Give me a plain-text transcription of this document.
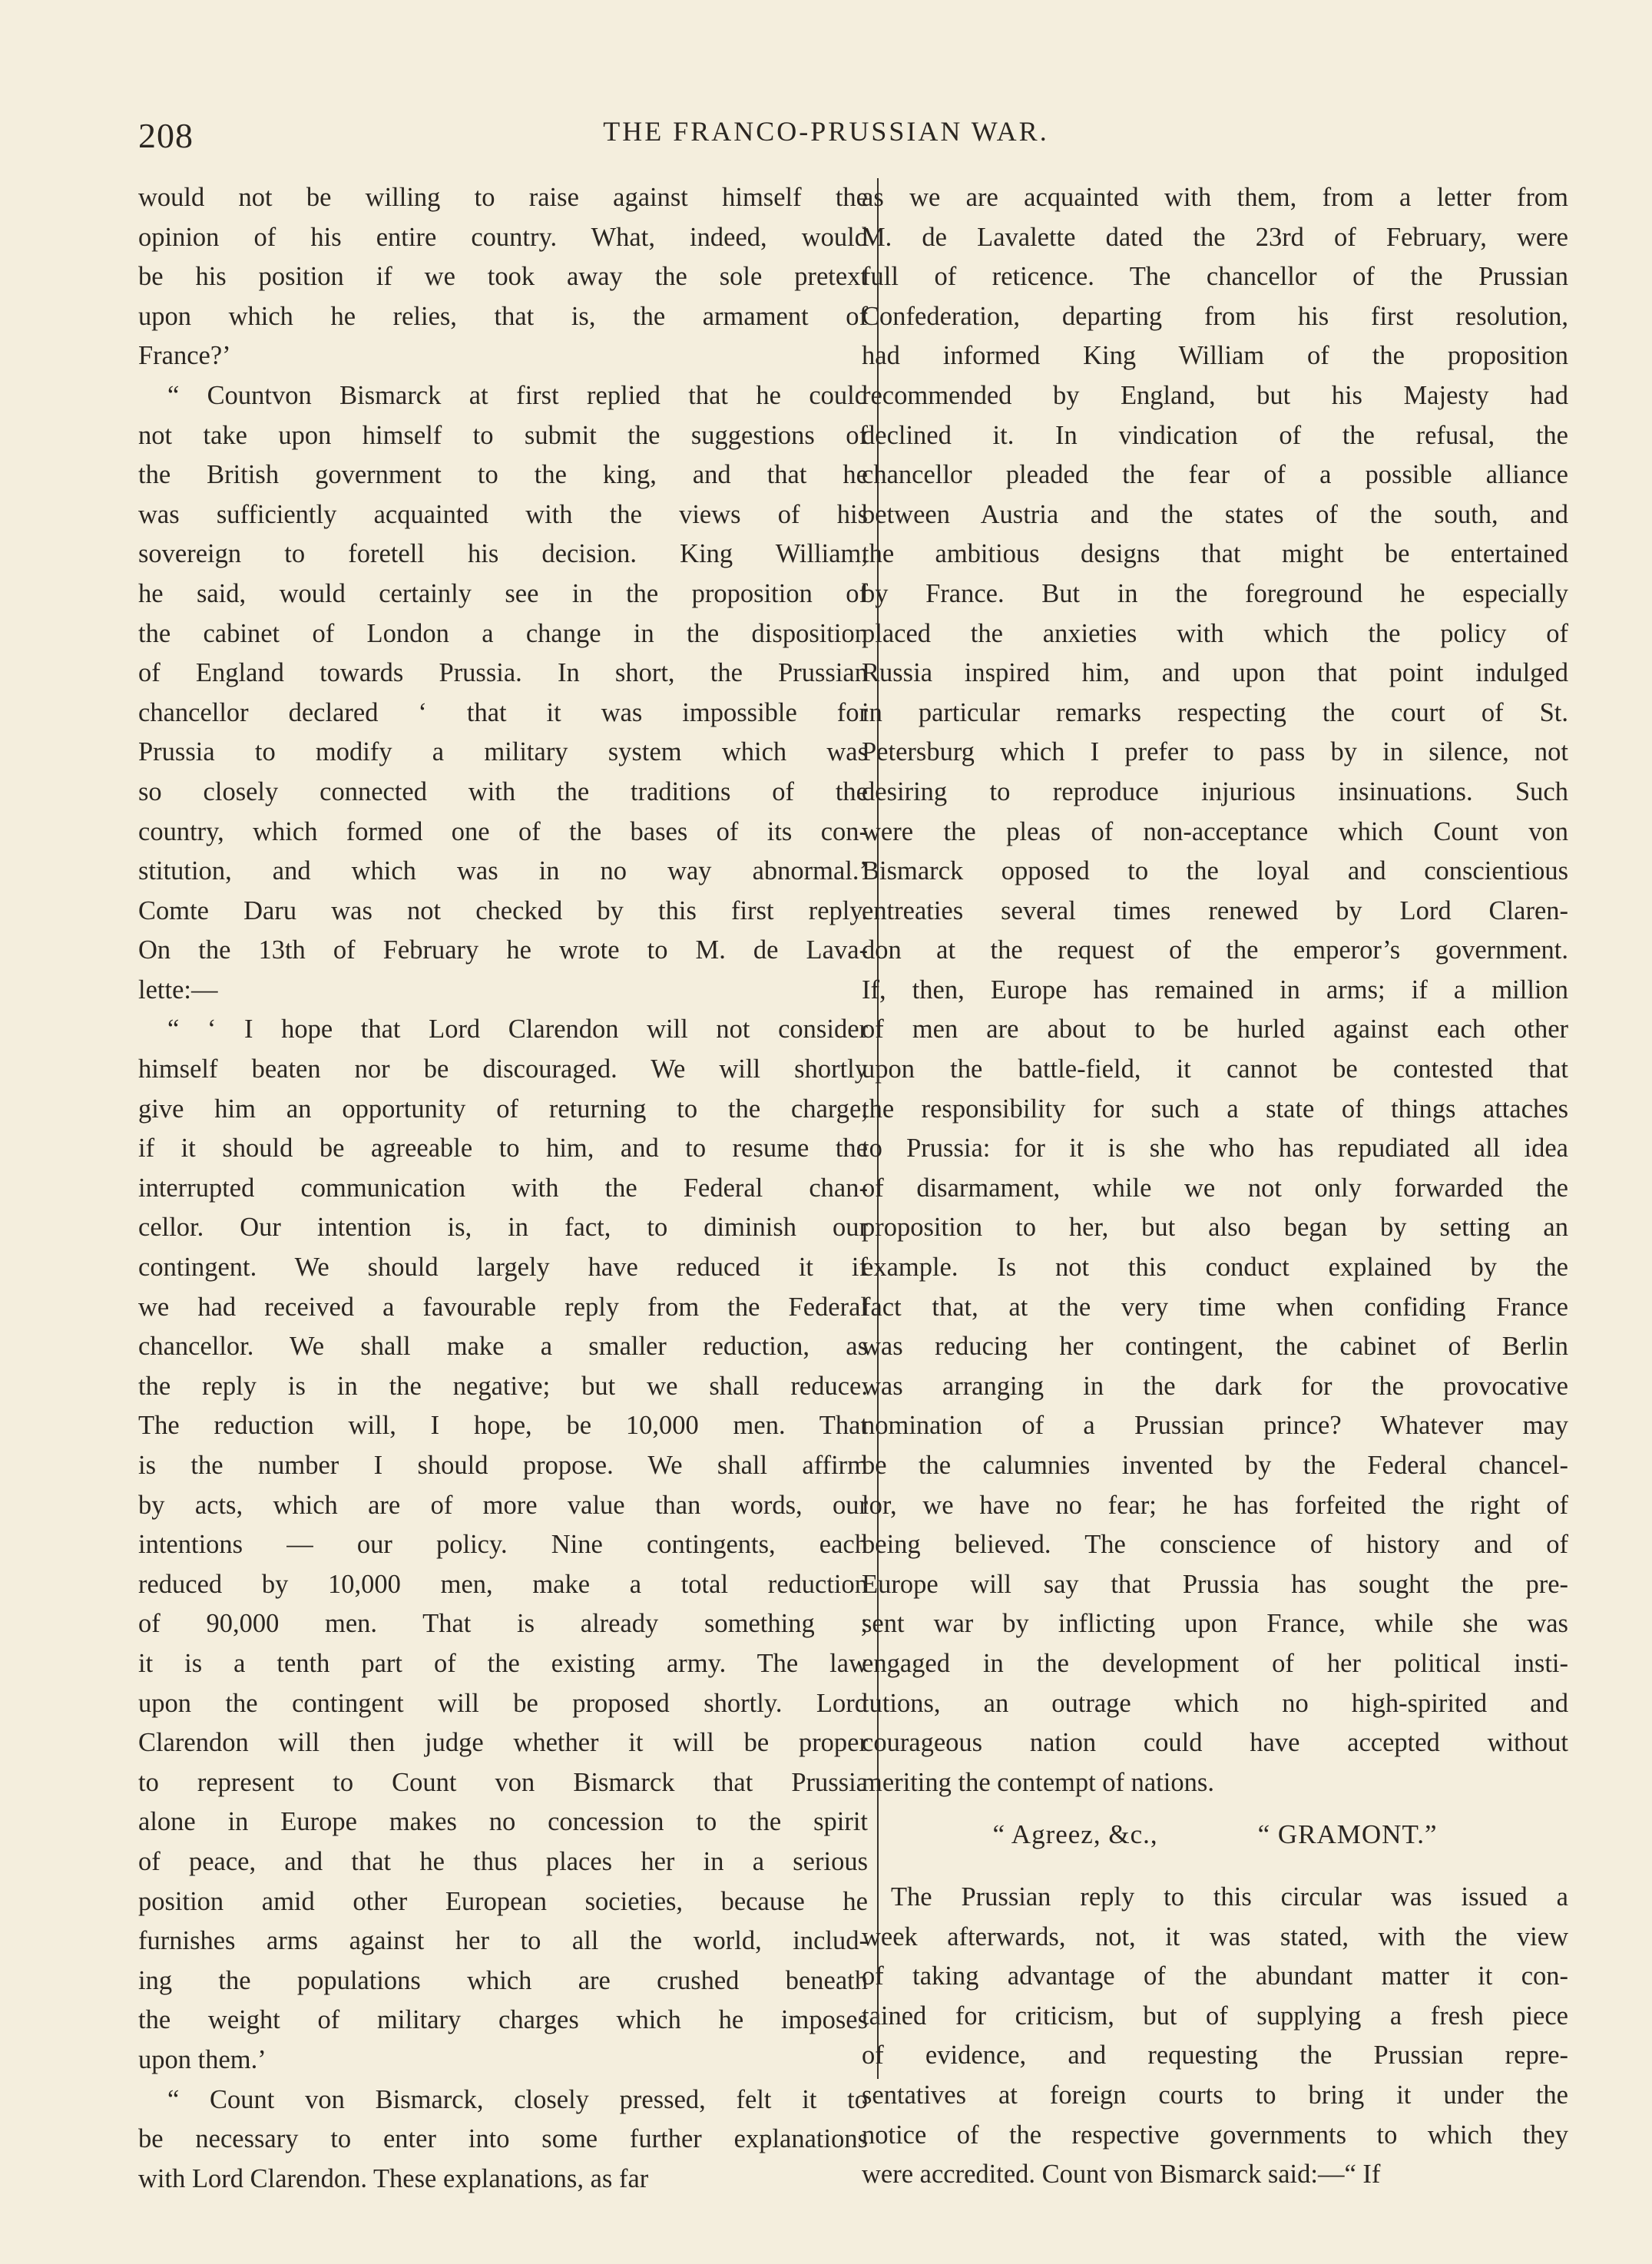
208	THE FRANCO-PRUSSIAN WAR.
would not be willing to raise against himself the
opinion of his entire country. What, indeed, would
be his position if we took away the sole pretext
upon which he relies, that is, the armament of
France?’
“ Countvon Bismarck at first replied that he could
not take upon himself to submit the suggestions of
the British government to the king, and that he
was sufficiently acquainted with the views of his
sovereign to foretell his decision. King William,
he said, would certainly see in the proposition of
the cabinet of London a change in the disposition
of England towards Prussia. In short, the Prussian
chancellor declared ‘ that it was impossible for
Prussia to modify a military system which was
so closely connected with the traditions of the
country, which formed one of the bases of its con-
stitution, and which was in no way abnormal.’
Comte Daru was not checked by this first reply.
On the 13th of February he wrote to M. de Lava-
lette:—
“ ‘ I hope that Lord Clarendon will not consider
himself beaten nor be discouraged. We will shortly
give him an opportunity of returning to the charge,
if it should be agreeable to him, and to resume the
interrupted communication with the Federal chan-
cellor. Our intention is, in fact, to diminish our
contingent. We should largely have reduced it if
we had received a favourable reply from the Federal
chancellor. We shall make a smaller reduction, as
the reply is in the negative; but we shall reduce.
The reduction will, I hope, be 10,000 men. That
is the number I should propose. We shall affirm
by acts, which are of more value than words, our
intentions — our policy. Nine contingents, each
reduced by 10,000 men, make a total reduction
of 90,000 men. That is already something ;
it is a tenth part of the existing army. The law
upon the contingent will be proposed shortly. Lord
Clarendon will then judge whether it will be proper
to represent to Count von Bismarck that Prussia
alone in Europe makes no concession to the spirit
of peace, and that he thus places her in a serious
position amid other European societies, because he
furnishes arms against her to all the world, includ-
ing the populations which are crushed beneath
the weight of military charges which he imposes
upon them.’
“ Count von Bismarck, closely pressed, felt it to
be necessary to enter into some further explanations
with Lord Clarendon. These explanations, as far
as we are acquainted with them, from a letter from
M. de Lavalette dated the 23rd of February, were
full of reticence. The chancellor of the Prussian
Confederation, departing from his first resolution,
had informed King William of the proposition
recommended by England, but his Majesty had
declined it. In vindication of the refusal, the
chancellor pleaded the fear of a possible alliance
between Austria and the states of the south, and
the ambitious designs that might be entertained
by France. But in the foreground he especially
placed the anxieties with which the policy of
Russia inspired him, and upon that point indulged
in particular remarks respecting the court of St.
Petersburg which I prefer to pass by in silence, not
desiring to reproduce injurious insinuations. Such
were the pleas of non-acceptance which Count von
Bismarck opposed to the loyal and conscientious
entreaties several times renewed by Lord Claren-
don at the request of the emperor’s government.
If, then, Europe has remained in arms; if a million
of men are about to be hurled against each other
upon the battle-field, it cannot be contested that
the responsibility for such a state of things attaches
to Prussia: for it is she who has repudiated all idea
of disarmament, while we not only forwarded the
proposition to her, but also began by setting an
example. Is not this conduct explained by the
fact that, at the very time when confiding France
was reducing her contingent, the cabinet of Berlin
was arranging in the dark for the provocative
nomination of a Prussian prince? Whatever may
be the calumnies invented by the Federal chancel-
lor, we have no fear; he has forfeited the right of
being believed. The conscience of history and of
Europe will say that Prussia has sought the pre-
sent war by inflicting upon France, while she was
engaged in the development of her political insti-
tutions, an outrage which no high-spirited and
courageous nation could have accepted without
meriting the contempt of nations.
“ Agreez, &c.,	“ GRAMONT.”
The Prussian reply to this circular was issued a
week afterwards, not, it was stated, with the view
of taking advantage of the abundant matter it con-
tained for criticism, but of supplying a fresh piece
of evidence, and requesting the Prussian repre-
sentatives at foreign courts to bring it under the
notice of the respective governments to which they
were accredited. Count von Bismarck said:—“ If
